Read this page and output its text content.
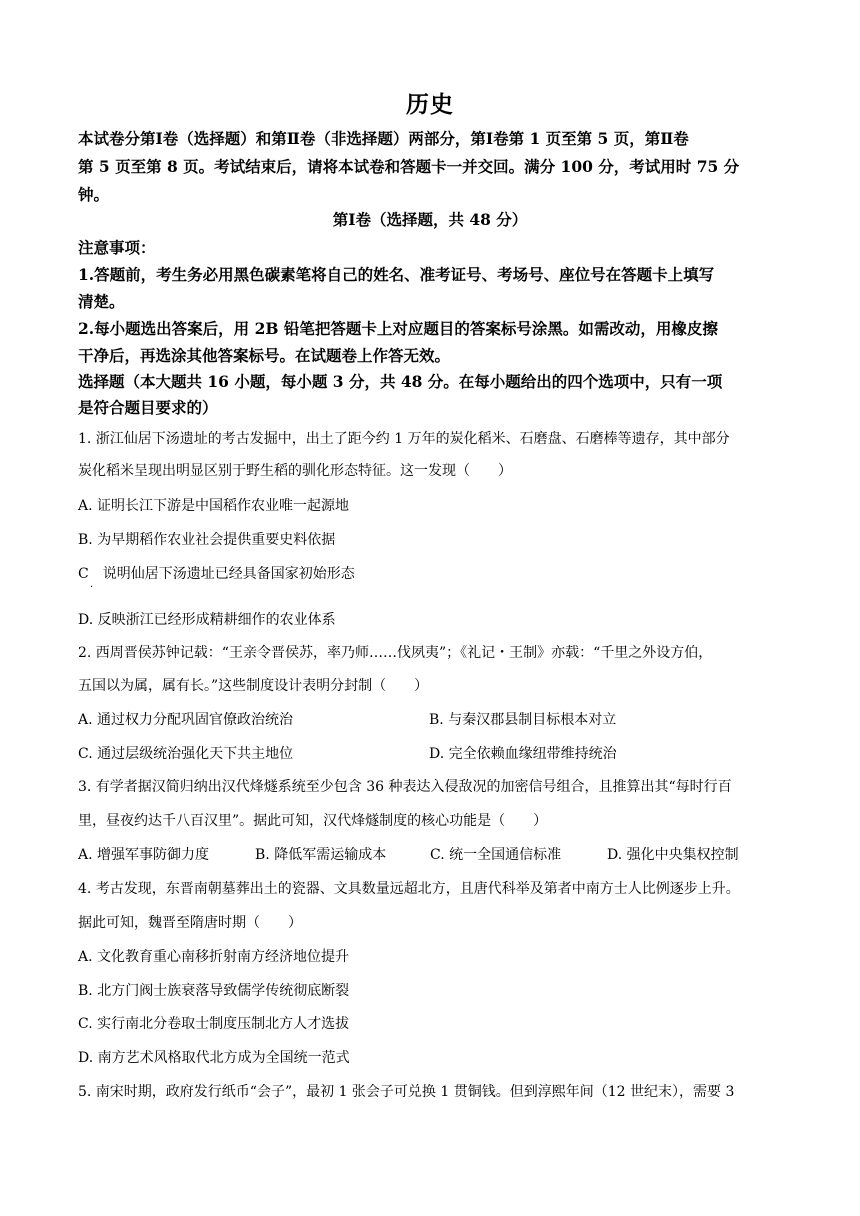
历史
本试卷分第Ⅰ卷（选择题）和第Ⅱ卷（非选择题）两部分，第Ⅰ卷第 1 页至第 5 页，第Ⅱ卷
第 5 页至第 8 页。考试结束后，请将本试卷和答题卡一并交回。满分 100 分，考试用时 75 分
钟。
第Ⅰ卷（选择题，共 48 分）
注意事项：
1.答题前，考生务必用黑色碳素笔将自己的姓名、准考证号、考场号、座位号在答题卡上填写
清楚。
2.每小题选出答案后，用 2B 铅笔把答题卡上对应题目的答案标号涂黑。如需改动，用橡皮擦
干净后，再选涂其他答案标号。在试题卷上作答无效。
选择题（本大题共 16 小题，每小题 3 分，共 48 分。在每小题给出的四个选项中，只有一项
是符合题目要求的）
1. 浙江仙居下汤遗址的考古发掘中，出土了距今约 1 万年的炭化稻米、石磨盘、石磨棒等遗存，其中部分
炭化稻米呈现出明显区别于野生稻的驯化形态特征。这一发现（　　）
A. 证明长江下游是中国稻作农业唯一起源地
B. 为早期稻作农业社会提供重要史料依据
C　说明仙居下汤遗址已经具备国家初始形态
·
D. 反映浙江已经形成精耕细作的农业体系
2. 西周晋侯苏钟记载：“王亲令晋侯苏，率乃师……伐夙夷”；《礼记・王制》亦载：“千里之外设方伯，
五国以为属，属有长。”这些制度设计表明分封制（　　）
A. 通过权力分配巩固官僚政治统治	B. 与秦汉郡县制目标根本对立
C. 通过层级统治强化天下共主地位	D. 完全依赖血缘纽带维持统治
3. 有学者据汉简归纳出汉代烽燧系统至少包含 36 种表达入侵敌况的加密信号组合，且推算出其“每时行百
里，昼夜约达千八百汉里”。据此可知，汉代烽燧制度的核心功能是（　　）
A. 增强军事防御力度	B. 降低军需运输成本	C. 统一全国通信标准	D. 强化中央集权控制
4. 考古发现，东晋南朝墓葬出土的瓷器、文具数量远超北方，且唐代科举及第者中南方士人比例逐步上升。
据此可知，魏晋至隋唐时期（　　）
A. 文化教育重心南移折射南方经济地位提升
B. 北方门阀士族衰落导致儒学传统彻底断裂
C. 实行南北分卷取士制度压制北方人才选拔
D. 南方艺术风格取代北方成为全国统一范式
5. 南宋时期，政府发行纸币“会子”，最初 1 张会子可兑换 1 贯铜钱。但到淳熙年间（12 世纪末），需要 3
